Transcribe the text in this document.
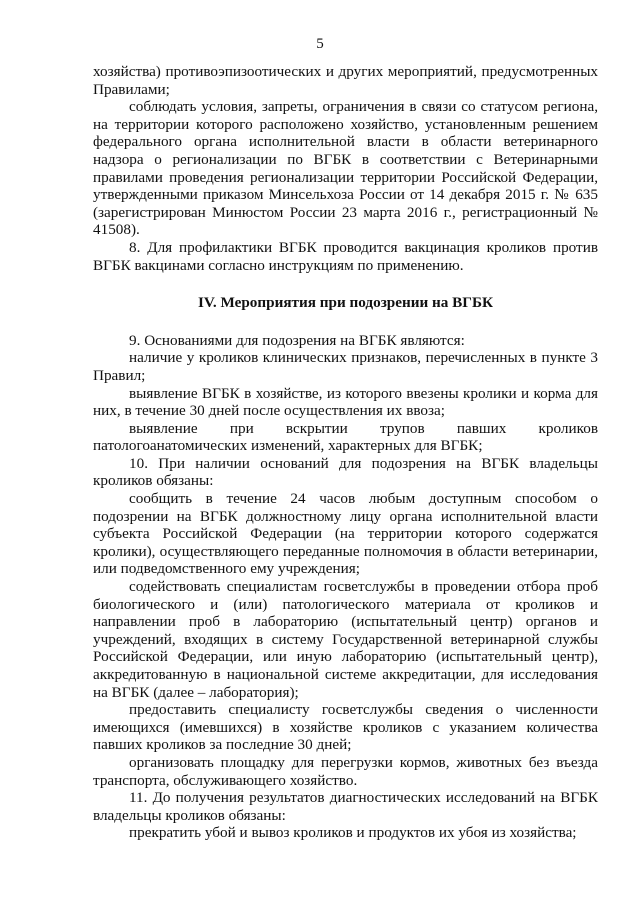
5

хозяйства) противоэпизоотических и других мероприятий, предусмотренных Правилами;

соблюдать условия, запреты, ограничения в связи со статусом региона, на территории которого расположено хозяйство, установленным решением федерального органа исполнительной власти в области ветеринарного надзора о регионализации по ВГБК в соответствии с Ветеринарными правилами проведения регионализации территории Российской Федерации, утвержденными приказом Минсельхоза России от 14 декабря 2015 г. № 635 (зарегистрирован Минюстом России 23 марта 2016 г., регистрационный № 41508).

8. Для профилактики ВГБК проводится вакцинация кроликов против ВГБК вакцинами согласно инструкциям по применению.

IV. Мероприятия при подозрении на ВГБК

9. Основаниями для подозрения на ВГБК являются:

наличие у кроликов клинических признаков, перечисленных в пункте 3 Правил;

выявление ВГБК в хозяйстве, из которого ввезены кролики и корма для них, в течение 30 дней после осуществления их ввоза;

выявление при вскрытии трупов павших кроликов патологоанатомических изменений, характерных для ВГБК;

10. При наличии оснований для подозрения на ВГБК владельцы кроликов обязаны:

сообщить в течение 24 часов любым доступным способом о подозрении на ВГБК должностному лицу органа исполнительной власти субъекта Российской Федерации (на территории которого содержатся кролики), осуществляющего переданные полномочия в области ветеринарии, или подведомственного ему учреждения;

содействовать специалистам госветслужбы в проведении отбора проб биологического и (или) патологического материала от кроликов и направлении проб в лабораторию (испытательный центр) органов и учреждений, входящих в систему Государственной ветеринарной службы Российской Федерации, или иную лабораторию (испытательный центр), аккредитованную в национальной системе аккредитации, для исследования на ВГБК (далее – лаборатория);

предоставить специалисту госветслужбы сведения о численности имеющихся (имевшихся) в хозяйстве кроликов с указанием количества павших кроликов за последние 30 дней;

организовать площадку для перегрузки кормов, животных без въезда транспорта, обслуживающего хозяйство.

11. До получения результатов диагностических исследований на ВГБК владельцы кроликов обязаны:

прекратить убой и вывоз кроликов и продуктов их убоя из хозяйства;
